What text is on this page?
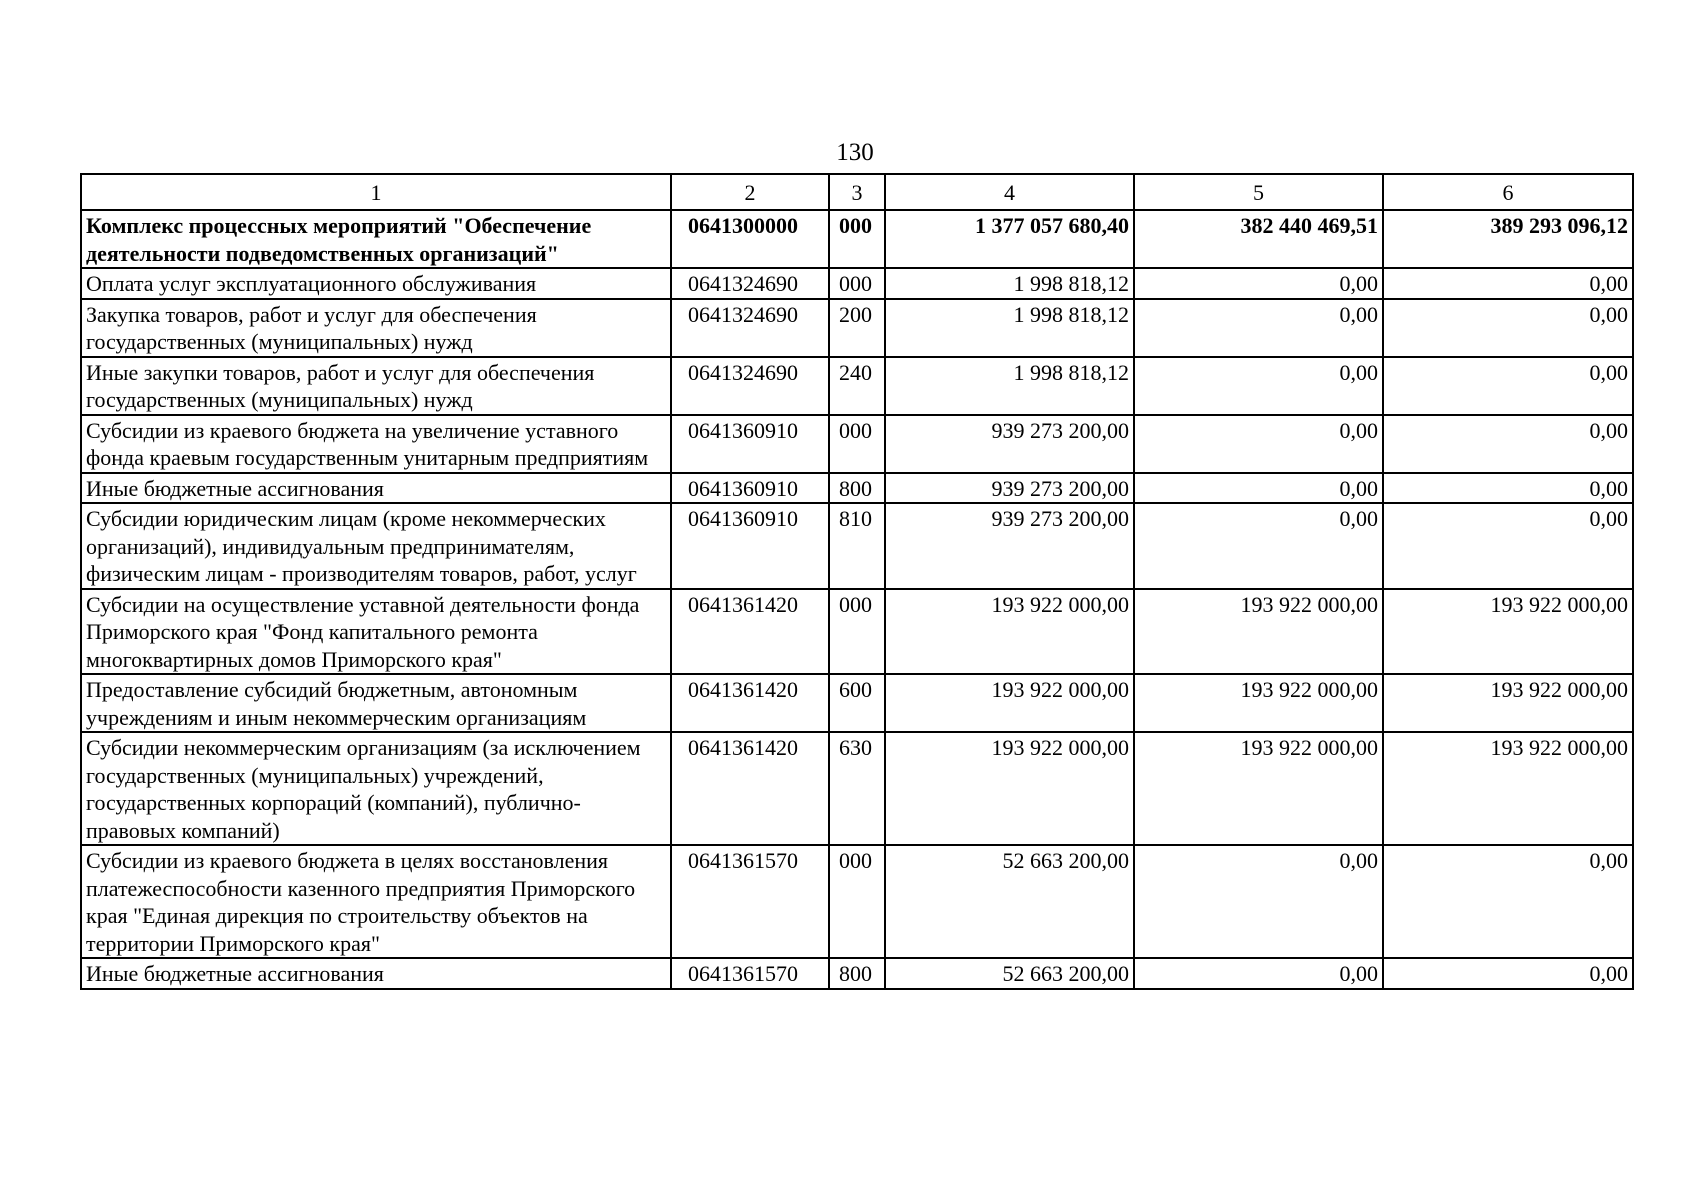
130
1	2	3	4	5	6
Комплекс процессных мероприятий "Обеспечение деятельности подведомственных организаций"	0641300000	000	1 377 057 680,40	382 440 469,51	389 293 096,12
Оплата услуг эксплуатационного обслуживания	0641324690	000	1 998 818,12	0,00	0,00
Закупка товаров, работ и услуг для обеспечения государственных (муниципальных) нужд	0641324690	200	1 998 818,12	0,00	0,00
Иные закупки товаров, работ и услуг для обеспечения государственных (муниципальных) нужд	0641324690	240	1 998 818,12	0,00	0,00
Субсидии из краевого бюджета на увеличение уставного фонда краевым государственным унитарным предприятиям	0641360910	000	939 273 200,00	0,00	0,00
Иные бюджетные ассигнования	0641360910	800	939 273 200,00	0,00	0,00
Субсидии юридическим лицам (кроме некоммерческих организаций), индивидуальным предпринимателям, физическим лицам - производителям товаров, работ, услуг	0641360910	810	939 273 200,00	0,00	0,00
Субсидии на осуществление уставной деятельности фонда Приморского края "Фонд капитального ремонта многоквартирных домов Приморского края"	0641361420	000	193 922 000,00	193 922 000,00	193 922 000,00
Предоставление субсидий бюджетным, автономным учреждениям и иным некоммерческим организациям	0641361420	600	193 922 000,00	193 922 000,00	193 922 000,00
Субсидии некоммерческим организациям (за исключением государственных (муниципальных) учреждений, государственных корпораций (компаний), публично-правовых компаний)	0641361420	630	193 922 000,00	193 922 000,00	193 922 000,00
Субсидии из краевого бюджета в целях восстановления платежеспособности казенного предприятия Приморского края "Единая дирекция по строительству объектов на территории Приморского края"	0641361570	000	52 663 200,00	0,00	0,00
Иные бюджетные ассигнования	0641361570	800	52 663 200,00	0,00	0,00
